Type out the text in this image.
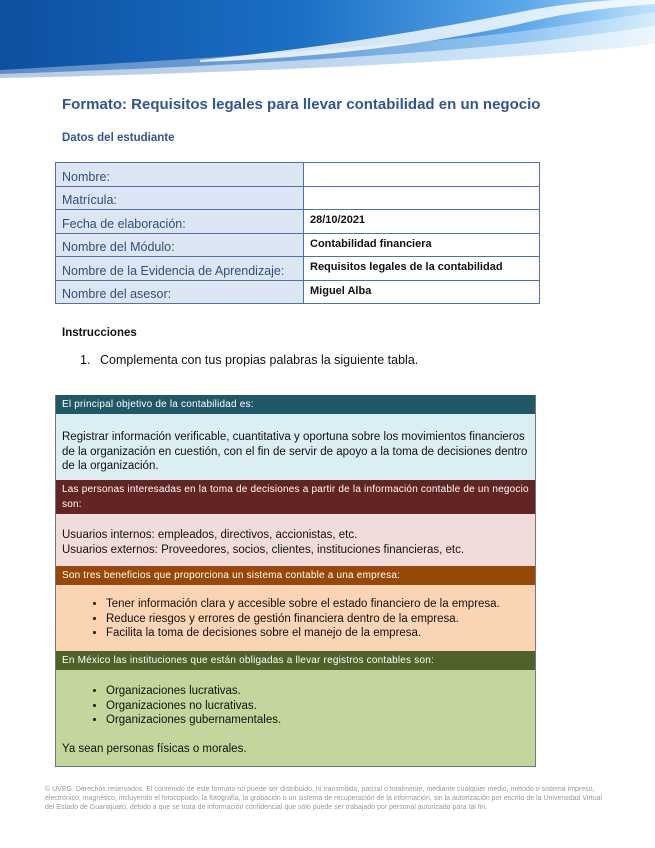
Formato: Requisitos legales para llevar contabilidad en un negocio
Datos del estudiante
Nombre:	
Matrícula:	
Fecha de elaboración:	28/10/2021
Nombre del Módulo:	Contabilidad financiera
Nombre de la Evidencia de Aprendizaje:	Requisitos legales de la contabilidad
Nombre del asesor:	Miguel Alba
Instrucciones

1. Complementa con tus propias palabras la siguiente tabla.

El principal objetivo de la contabilidad es:

Registrar información verificable, cuantitativa y oportuna sobre los movimientos financieros de la organización en cuestión, con el fin de servir de apoyo a la toma de decisiones dentro de la organización.

Las personas interesadas en la toma de decisiones a partir de la información contable de un negocio son:

Usuarios internos: empleados, directivos, accionistas, etc.

Usuarios externos: Proveedores, socios, clientes, instituciones financieras, etc.

Son tres beneficios que proporciona un sistema contable a una empresa:
• Tener información clara y accesible sobre el estado financiero de la empresa.
• Reduce riesgos y errores de gestión financiera dentro de la empresa.
• Facilita la toma de decisiones sobre el manejo de la empresa.
En México las instituciones que están obligadas a llevar registros contables son:
• Organizaciones lucrativas.
• Organizaciones no lucrativas.
• Organizaciones gubernamentales.

Ya sean personas físicas o morales.

© UVEG. Derechos reservados. El contenido de este formato no puede ser distribuido, ni transmitido, parcial o totalmente, mediante cualquier medio, método o sistema impreso, electrónico, magnético, incluyendo el fotocopiado, la fotografía, la grabación o un sistema de recuperación de la información, sin la autorización por escrito de la Universidad Virtual del Estado de Guanajuato, debido a que se trata de información confidencial que sólo puede ser trabajado por personal autorizado para tal fin.
